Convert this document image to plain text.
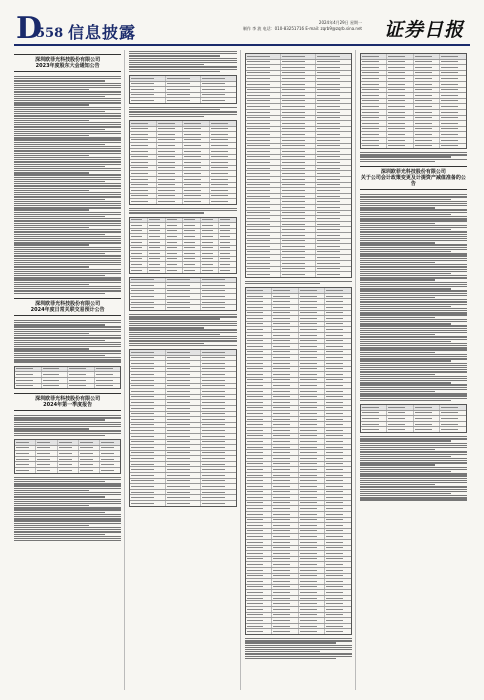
D
558 信息披露
2024年4月29日 星期一
制作 李 波 电话：010-83251716 E-mail: zqrb9@zqrb.sina.net 证券日报
深圳欧菲光科技股份有限公司
2023年度股东大会通知公告
深圳欧菲光科技股份有限公司
2024年度日常关联交易预计公告
深圳欧菲光科技股份有限公司
2024年第一季度报告
深圳欧菲光科技股份有限公司
关于公司会计政策变更及计提资产减值准备的公告
